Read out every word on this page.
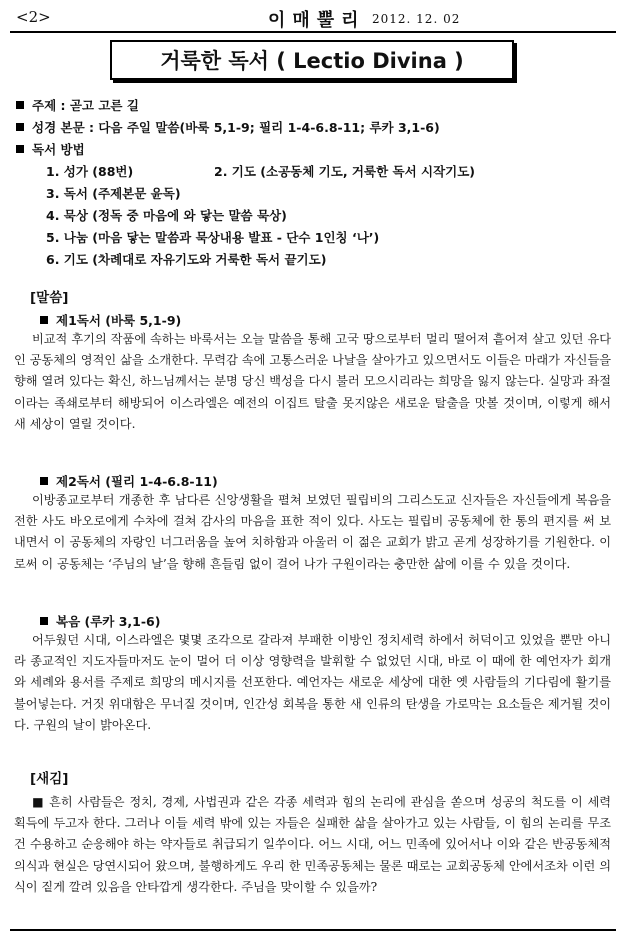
<2>	이매뿔리 2012. 12. 02
거룩한 독서 ( Lectio Divina )
주제 : 곧고 고른 길
성경 본문 : 다음 주일 말씀(바룩 5,1-9; 필리 1-4-6.8-11; 루카 3,1-6)
독서 방법
1. 성가 (88번)	2. 기도 (소공동체 기도, 거룩한 독서 시작기도)
3. 독서 (주제본문 윤독)
4. 묵상 (정독 중 마음에 와 닿는 말씀 묵상)
5. 나눔 (마음 닿는 말씀과 묵상내용 발표 - 단수 1인칭 ‘나’)
6. 기도 (차례대로 자유기도와 거룩한 독서 끝기도)
[말씀]
제1독서 (바룩 5,1-9)
비교적 후기의 작품에 속하는 바룩서는 오늘 말씀을 통해 고국 땅으로부터 멀리 떨어져 흩어져 살고 있던 유다인 공동체의 영적인 삶을 소개한다. 무력감 속에 고통스러운 나날을 살아가고 있으면서도 이들은 마래가 자신들을 향해 열려 있다는 확신, 하느님께서는 분명 당신 백성을 다시 불러 모으시리라는 희망을 잃지 않는다. 실망과 좌절이라는 족쇄로부터 해방되어 이스라엘은 예전의 이집트 탈출 못지않은 새로운 탈출을 맛볼 것이며, 이렇게 해서 새 세상이 열릴 것이다.
제2독서 (필리 1-4-6.8-11)
이방종교로부터 개종한 후 남다른 신앙생활을 펼쳐 보였던 필립비의 그리스도교 신자들은 자신들에게 복음을 전한 사도 바오로에게 수차에 걸쳐 감사의 마음을 표한 적이 있다. 사도는 필립비 공동체에 한 통의 편지를 써 보내면서 이 공동체의 자랑인 너그러움을 높여 치하함과 아울러 이 젊은 교회가 밝고 곧게 성장하기를 기원한다. 이로써 이 공동체는 ‘주님의 날’을 향해 흔들림 없이 걸어 나가 구원이라는 충만한 삶에 이를 수 있을 것이다.
복음 (루카 3,1-6)
어두웠던 시대, 이스라엘은 몇몇 조각으로 갈라져 부패한 이방인 정치세력 하에서 허덕이고 있었을 뿐만 아니라 종교적인 지도자들마저도 눈이 멀어 더 이상 영향력을 발휘할 수 없었던 시대, 바로 이 때에 한 예언자가 회개와 세례와 용서를 주제로 희망의 메시지를 선포한다. 예언자는 새로운 세상에 대한 옛 사람들의 기다림에 활기를 불어넣는다. 거짓 위대함은 무너질 것이며, 인간성 회복을 통한 새 인류의 탄생을 가로막는 요소들은 제거될 것이다. 구원의 날이 밝아온다.
[새김]
■ 흔히 사람들은 정치, 경제, 사법권과 같은 각종 세력과 힘의 논리에 관심을 쏟으며 성공의 척도를 이 세력 획득에 두고자 한다. 그러나 이들 세력 밖에 있는 자들은 실패한 삶을 살아가고 있는 사람들, 이 힘의 논리를 무조건 수용하고 순응해야 하는 약자들로 취급되기 일쑤이다. 어느 시대, 어느 민족에 있어서나 이와 같은 반공동체적 의식과 현실은 당연시되어 왔으며, 불행하게도 우리 한 민족공동체는 물론 때로는 교회공동체 안에서조차 이런 의식이 짙게 깔려 있음을 안타깝게 생각한다. 주님을 맞이할 수 있을까?
